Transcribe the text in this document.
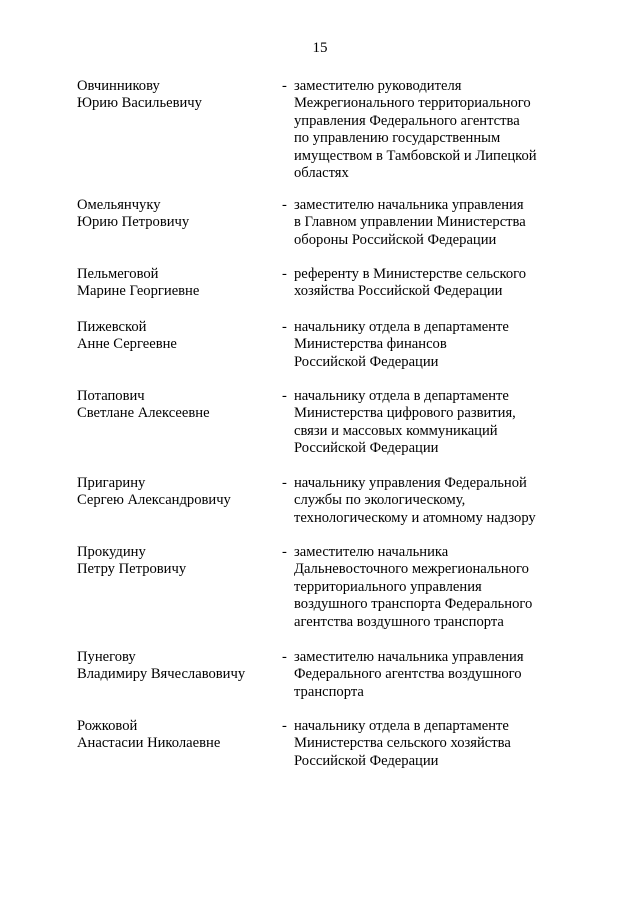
15
Овчинникову
Юрию Васильевичу
- заместителю руководителя
Межрегионального территориального
управления Федерального агентства
по управлению государственным
имуществом в Тамбовской и Липецкой
областях
Омельянчуку
Юрию Петровичу
- заместителю начальника управления
в Главном управлении Министерства
обороны Российской Федерации
Пельмеговой
Марине Георгиевне
- референту в Министерстве сельского
хозяйства Российской Федерации
Пижевской
Анне Сергеевне
- начальнику отдела в департаменте
Министерства финансов
Российской Федерации
Потапович
Светлане Алексеевне
- начальнику отдела в департаменте
Министерства цифрового развития,
связи и массовых коммуникаций
Российской Федерации
Пригарину
Сергею Александровичу
- начальнику управления Федеральной
службы по экологическому,
технологическому и атомному надзору
Прокудину
Петру Петровичу
- заместителю начальника
Дальневосточного межрегионального
территориального управления
воздушного транспорта Федерального
агентства воздушного транспорта
Пунегову
Владимиру Вячеславовичу
- заместителю начальника управления
Федерального агентства воздушного
транспорта
Рожковой
Анастасии Николаевне
- начальнику отдела в департаменте
Министерства сельского хозяйства
Российской Федерации
